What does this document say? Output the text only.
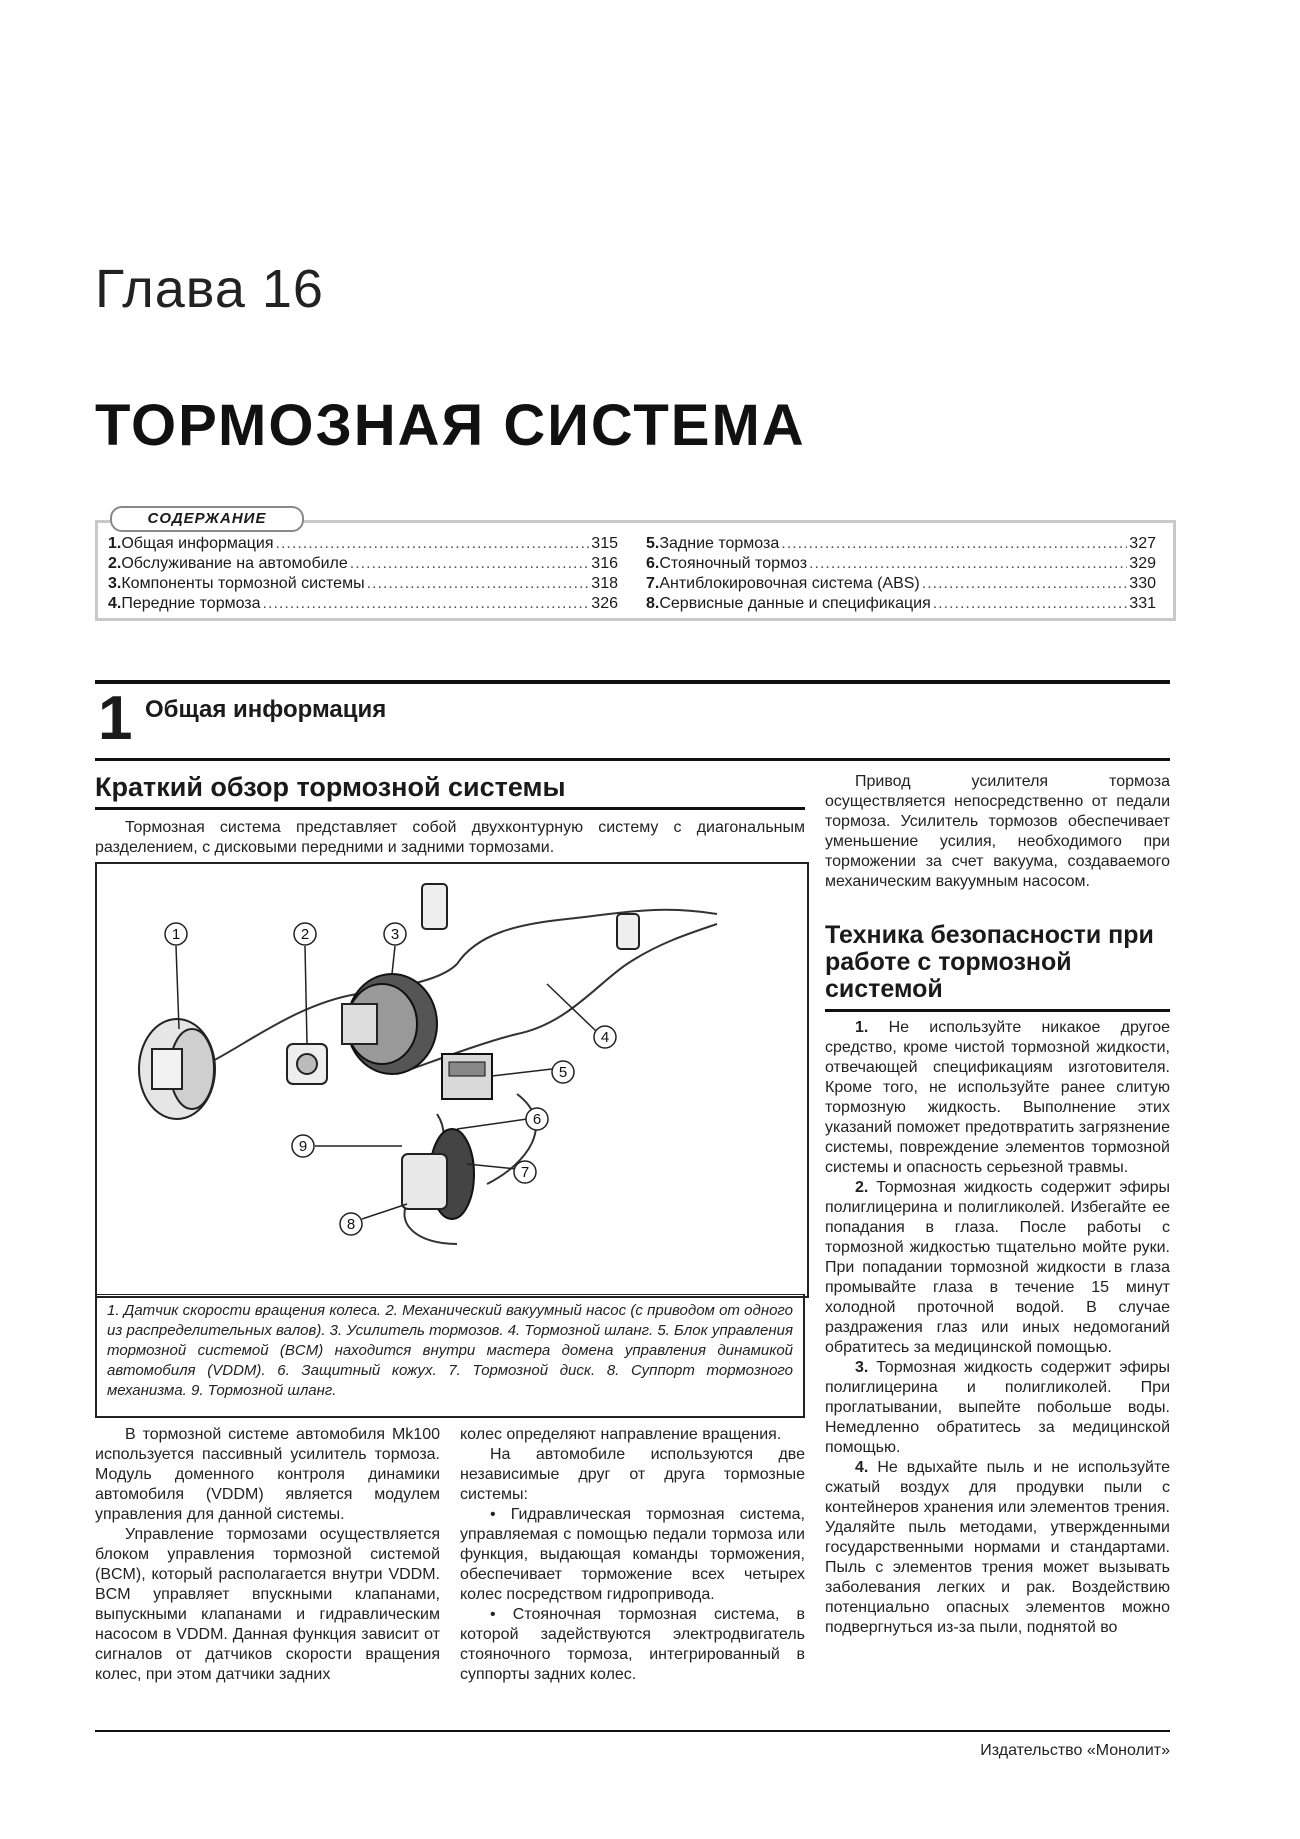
Глава 16
ТОРМОЗНАЯ СИСТЕМА
СОДЕРЖАНИЕ
1. Общая информация .....	315
2. Обслуживание на автомобиле .....	316
3. Компоненты тормозной системы .....	318
4. Передние тормоза .....	326
5. Задние тормоза .....	327
6. Стояночный тормоз .....	329
7. Антиблокировочная система (ABS) .....	330
8. Сервисные данные и спецификация .....	331
1 Общая информация
Краткий обзор тормозной системы

Тормозная система представляет собой двухконтурную систему с диагональным разделением, с дисковыми передними и задними тормозами.

1	2	3
4
5
6
7
8
9
1. Датчик скорости вращения колеса. 2. Механический вакуумный насос (с приводом от одного из распределительных валов). 3. Усилитель тормозов. 4. Тормозной шланг. 5. Блок управления тормозной системой (BCM) находится внутри мастера домена управления динамикой автомобиля (VDDM). 6. Защитный кожух. 7. Тормозной диск. 8. Суппорт тормозного механизма. 9. Тормозной шланг.

В тормозной системе автомобиля Mk100 используется пассивный усилитель тормоза. Модуль доменного контроля динамики автомобиля (VDDM) является модулем управления для данной системы.

Управление тормозами осуществляется блоком управления тормозной системой (BCM), который располагается внутри VDDM. BCM управляет впускными клапанами, выпускными клапанами и гидравлическим насосом в VDDM. Данная функция зависит от сигналов от датчиков скорости вращения колес, при этом датчики задних

колес определяют направление вращения.

На автомобиле используются две независимые друг от друга тормозные системы:

• Гидравлическая тормозная система, управляемая с помощью педали тормоза или функция, выдающая команды торможения, обеспечивает торможение всех четырех колес посредством гидропривода.

• Стояночная тормозная система, в которой задействуются электродвигатель стояночного тормоза, интегрированный в суппорты задних колес.

Привод усилителя тормоза осуществляется непосредственно от педали тормоза. Усилитель тормозов обеспечивает уменьшение усилия, необходимого при торможении за счет вакуума, создаваемого механическим вакуумным насосом.

Техника безопасности при работе с тормозной системой

1. Не используйте никакое другое средство, кроме чистой тормозной жидкости, отвечающей спецификациям изготовителя. Кроме того, не используйте ранее слитую тормозную жидкость. Выполнение этих указаний поможет предотвратить загрязнение системы, повреждение элементов тормозной системы и опасность серьезной травмы.

2. Тормозная жидкость содержит эфиры полиглицерина и полигликолей. Избегайте ее попадания в глаза. После работы с тормозной жидкостью тщательно мойте руки. При попадании тормозной жидкости в глаза промывайте глаза в течение 15 минут холодной проточной водой. В случае раздражения глаз или иных недомоганий обратитесь за медицинской помощью.

3. Тормозная жидкость содержит эфиры полиглицерина и полигликолей. При проглатывании, выпейте побольше воды. Немедленно обратитесь за медицинской помощью.

4. Не вдыхайте пыль и не используйте сжатый воздух для продувки пыли с контейнеров хранения или элементов трения. Удаляйте пыль методами, утвержденными государственными нормами и стандартами. Пыль с элементов трения может вызывать заболевания легких и рак. Воздействию потенциально опасных элементов можно подвергнуться из-за пыли, поднятой во

Издательство «Монолит»
